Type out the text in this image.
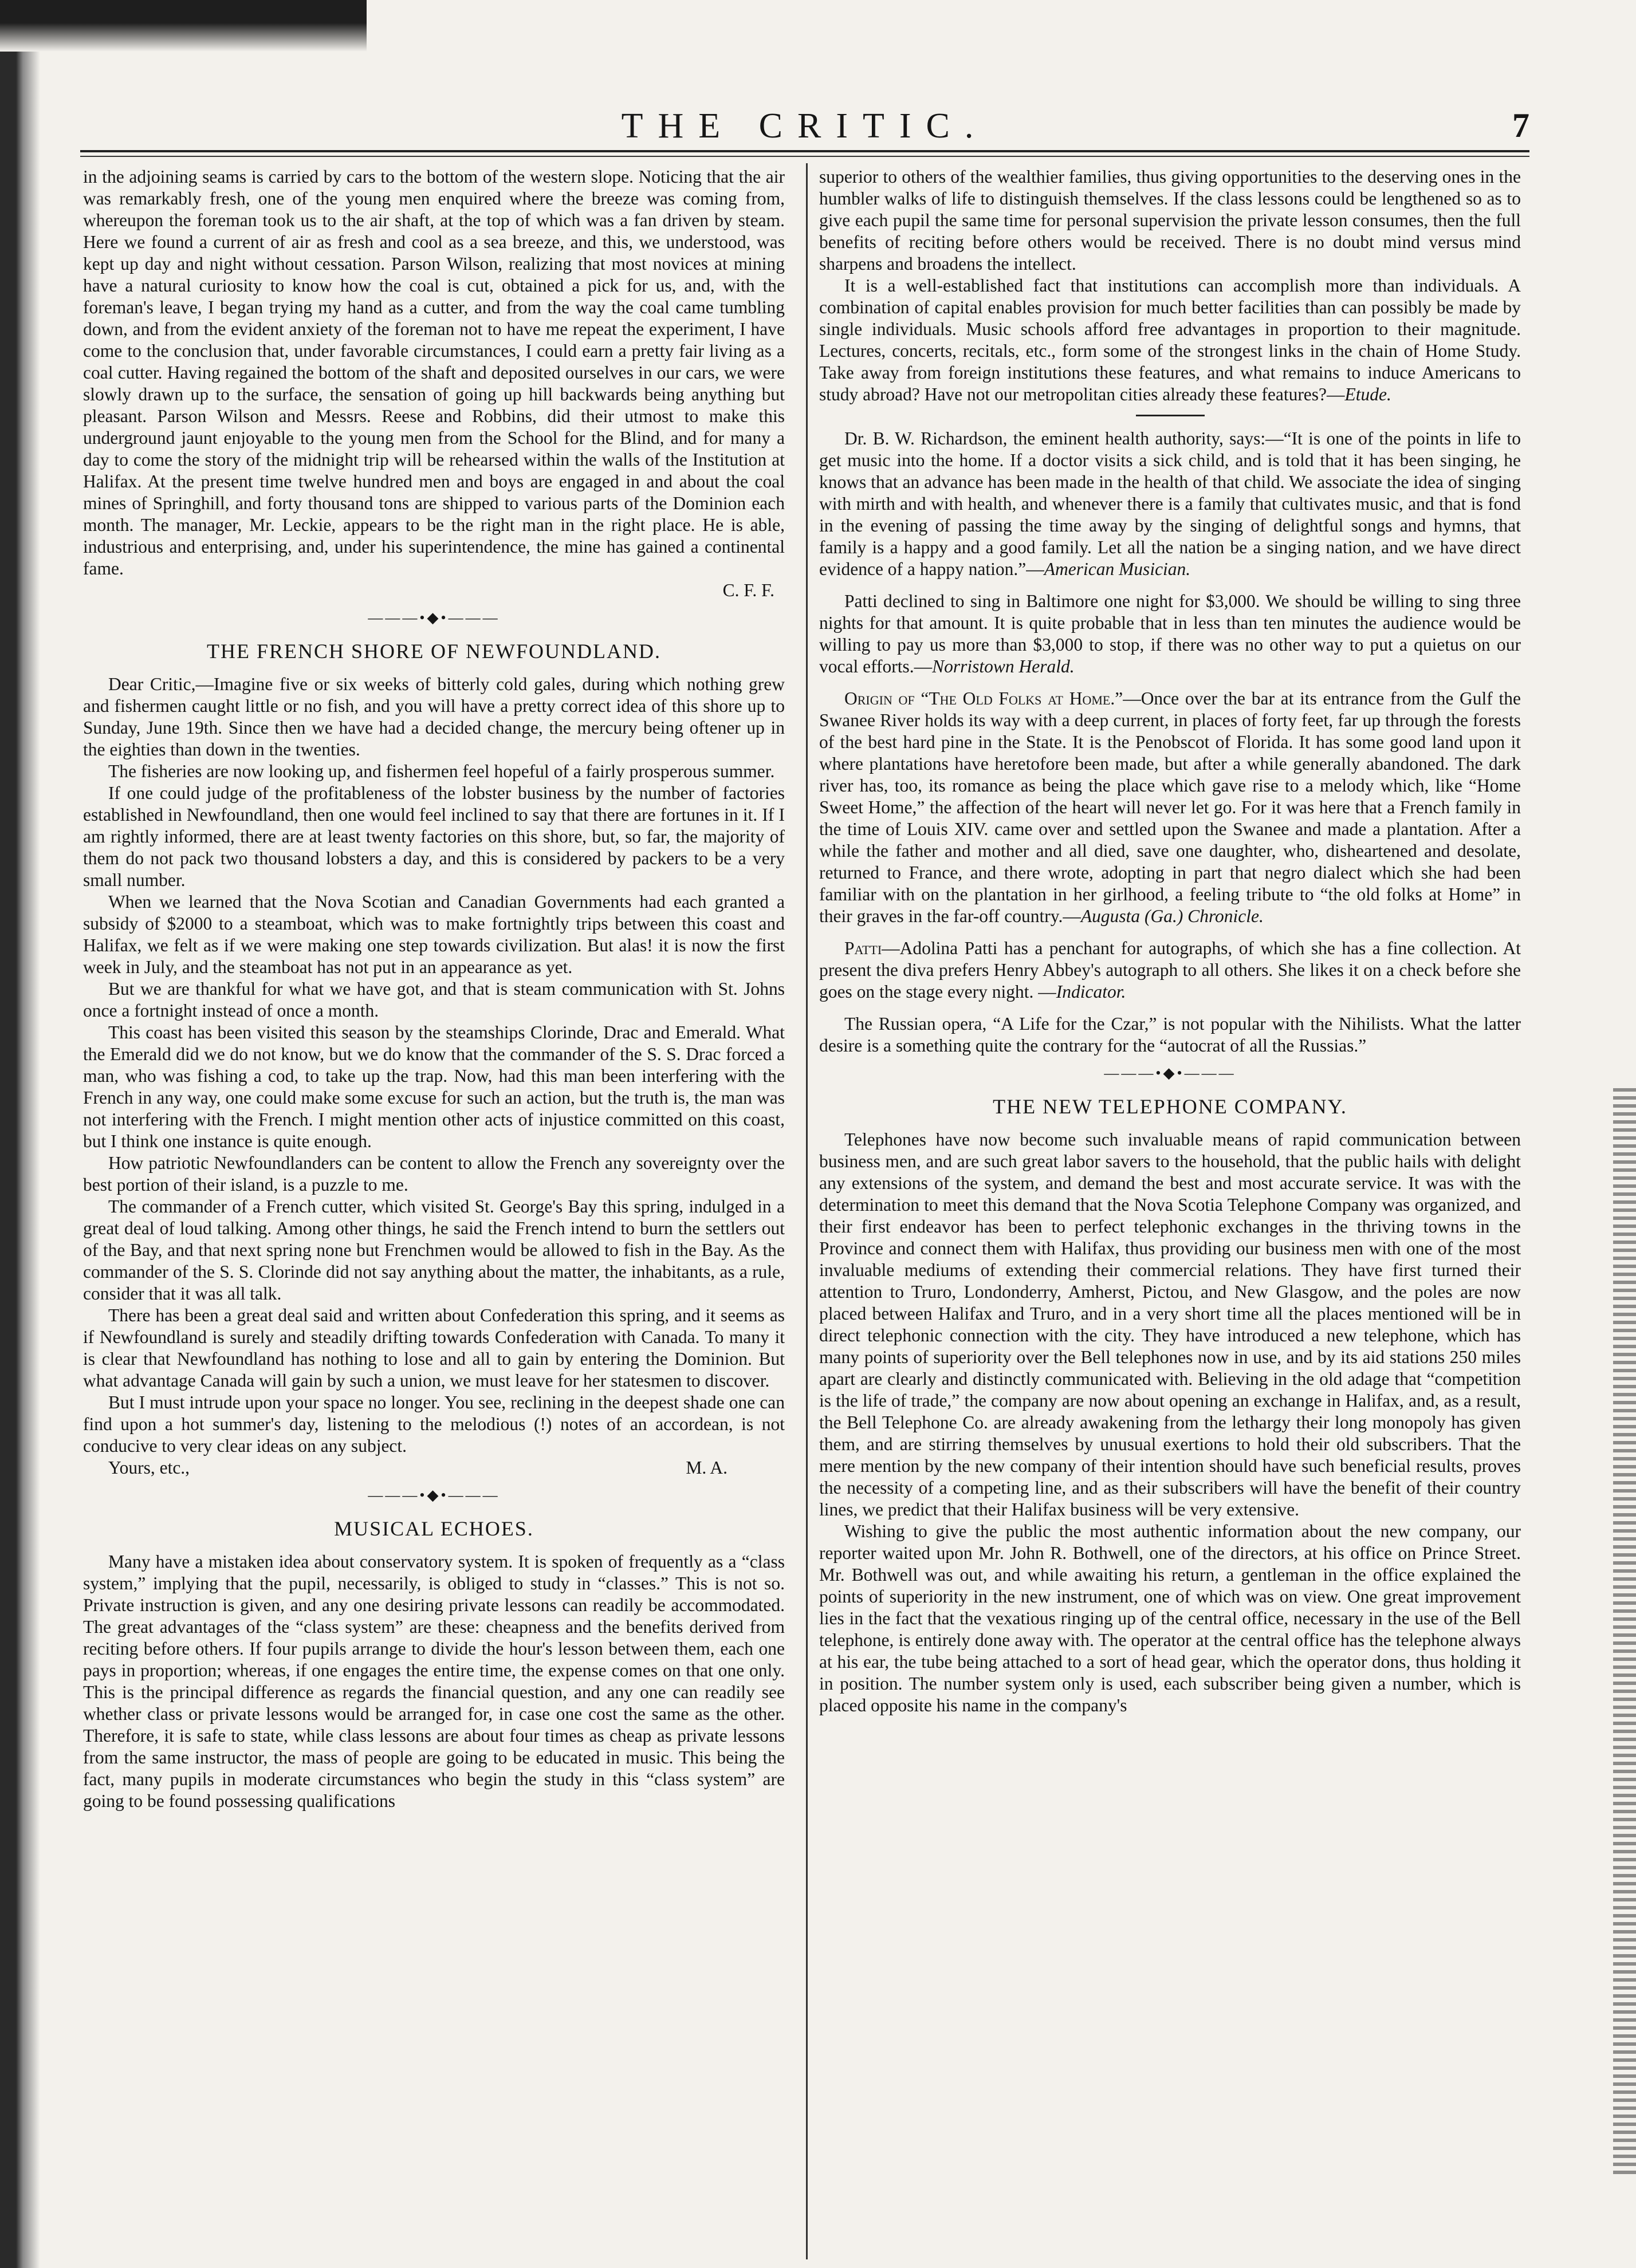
THE CRITIC.	7

in the adjoining seams is carried by cars to the bottom of the western slope. Noticing that the air was remarkably fresh, one of the young men enquired where the breeze was coming from, whereupon the foreman took us to the air shaft, at the top of which was a fan driven by steam. Here we found a current of air as fresh and cool as a sea breeze, and this, we understood, was kept up day and night without cessation. Parson Wilson, realizing that most novices at mining have a natural curiosity to know how the coal is cut, obtained a pick for us, and, with the foreman's leave, I began trying my hand as a cutter, and from the way the coal came tumbling down, and from the evident anxiety of the foreman not to have me repeat the experiment, I have come to the conclusion that, under favorable circumstances, I could earn a pretty fair living as a coal cutter. Having regained the bottom of the shaft and deposited ourselves in our cars, we were slowly drawn up to the surface, the sensation of going up hill backwards being anything but pleasant. Parson Wilson and Messrs. Reese and Robbins, did their utmost to make this underground jaunt enjoyable to the young men from the School for the Blind, and for many a day to come the story of the midnight trip will be rehearsed within the walls of the Institution at Halifax. At the present time twelve hundred men and boys are engaged in and about the coal mines of Springhill, and forty thousand tons are shipped to various parts of the Dominion each month. The manager, Mr. Leckie, appears to be the right man in the right place. He is able, industrious and enterprising, and, under his superintendence, the mine has gained a continental fame.

C. F. F.
———•◆•———
THE FRENCH SHORE OF NEWFOUNDLAND.

Dear Critic,—Imagine five or six weeks of bitterly cold gales, during which nothing grew and fishermen caught little or no fish, and you will have a pretty correct idea of this shore up to Sunday, June 19th. Since then we have had a decided change, the mercury being oftener up in the eighties than down in the twenties.

The fisheries are now looking up, and fishermen feel hopeful of a fairly prosperous summer.

If one could judge of the profitableness of the lobster business by the number of factories established in Newfoundland, then one would feel inclined to say that there are fortunes in it. If I am rightly informed, there are at least twenty factories on this shore, but, so far, the majority of them do not pack two thousand lobsters a day, and this is considered by packers to be a very small number.

When we learned that the Nova Scotian and Canadian Governments had each granted a subsidy of $2000 to a steamboat, which was to make fortnightly trips between this coast and Halifax, we felt as if we were making one step towards civilization. But alas! it is now the first week in July, and the steamboat has not put in an appearance as yet.

But we are thankful for what we have got, and that is steam communication with St. Johns once a fortnight instead of once a month.

This coast has been visited this season by the steamships Clorinde, Drac and Emerald. What the Emerald did we do not know, but we do know that the commander of the S. S. Drac forced a man, who was fishing a cod, to take up the trap. Now, had this man been interfering with the French in any way, one could make some excuse for such an action, but the truth is, the man was not interfering with the French. I might mention other acts of injustice committed on this coast, but I think one instance is quite enough.

How patriotic Newfoundlanders can be content to allow the French any sovereignty over the best portion of their island, is a puzzle to me.

The commander of a French cutter, which visited St. George's Bay this spring, indulged in a great deal of loud talking. Among other things, he said the French intend to burn the settlers out of the Bay, and that next spring none but Frenchmen would be allowed to fish in the Bay. As the commander of the S. S. Clorinde did not say anything about the matter, the inhabitants, as a rule, consider that it was all talk.

There has been a great deal said and written about Confederation this spring, and it seems as if Newfoundland is surely and steadily drifting towards Confederation with Canada. To many it is clear that Newfoundland has nothing to lose and all to gain by entering the Dominion. But what advantage Canada will gain by such a union, we must leave for her statesmen to discover.

But I must intrude upon your space no longer. You see, reclining in the deepest shade one can find upon a hot summer's day, listening to the melodious (!) notes of an accordean, is not conducive to very clear ideas on any subject.

Yours, etc.,	M. A.
———•◆•———
MUSICAL ECHOES.

Many have a mistaken idea about conservatory system. It is spoken of frequently as a “class system,” implying that the pupil, necessarily, is obliged to study in “classes.” This is not so. Private instruction is given, and any one desiring private lessons can readily be accommodated. The great advantages of the “class system” are these: cheapness and the benefits derived from reciting before others. If four pupils arrange to divide the hour's lesson between them, each one pays in proportion; whereas, if one engages the entire time, the expense comes on that one only. This is the principal difference as regards the financial question, and any one can readily see whether class or private lessons would be arranged for, in case one cost the same as the other. Therefore, it is safe to state, while class lessons are about four times as cheap as private lessons from the same instructor, the mass of people are going to be educated in music. This being the fact, many pupils in moderate circumstances who begin the study in this “class system” are going to be found possessing qualifications

superior to others of the wealthier families, thus giving opportunities to the deserving ones in the humbler walks of life to distinguish themselves. If the class lessons could be lengthened so as to give each pupil the same time for personal supervision the private lesson consumes, then the full benefits of reciting before others would be received. There is no doubt mind versus mind sharpens and broadens the intellect.

It is a well-established fact that institutions can accomplish more than individuals. A combination of capital enables provision for much better facilities than can possibly be made by single individuals. Music schools afford free advantages in proportion to their magnitude. Lectures, concerts, recitals, etc., form some of the strongest links in the chain of Home Study. Take away from foreign institutions these features, and what remains to induce Americans to study abroad? Have not our metropolitan cities already these features?—Etude.

Dr. B. W. Richardson, the eminent health authority, says:—“It is one of the points in life to get music into the home. If a doctor visits a sick child, and is told that it has been singing, he knows that an advance has been made in the health of that child. We associate the idea of singing with mirth and with health, and whenever there is a family that cultivates music, and that is fond in the evening of passing the time away by the singing of delightful songs and hymns, that family is a happy and a good family. Let all the nation be a singing nation, and we have direct evidence of a happy nation.”—American Musician.

Patti declined to sing in Baltimore one night for $3,000. We should be willing to sing three nights for that amount. It is quite probable that in less than ten minutes the audience would be willing to pay us more than $3,000 to stop, if there was no other way to put a quietus on our vocal efforts.—Norristown Herald.

Origin of “The Old Folks at Home.”—Once over the bar at its entrance from the Gulf the Swanee River holds its way with a deep current, in places of forty feet, far up through the forests of the best hard pine in the State. It is the Penobscot of Florida. It has some good land upon it where plantations have heretofore been made, but after a while generally abandoned. The dark river has, too, its romance as being the place which gave rise to a melody which, like “Home Sweet Home,” the affection of the heart will never let go. For it was here that a French family in the time of Louis XIV. came over and settled upon the Swanee and made a plantation. After a while the father and mother and all died, save one daughter, who, disheartened and desolate, returned to France, and there wrote, adopting in part that negro dialect which she had been familiar with on the plantation in her girlhood, a feeling tribute to “the old folks at Home” in their graves in the far-off country.—Augusta (Ga.) Chronicle.

Patti—Adolina Patti has a penchant for autographs, of which she has a fine collection. At present the diva prefers Henry Abbey's autograph to all others. She likes it on a check before she goes on the stage every night. —Indicator.

The Russian opera, “A Life for the Czar,” is not popular with the Nihilists. What the latter desire is a something quite the contrary for the “autocrat of all the Russias.”

———•◆•———
THE NEW TELEPHONE COMPANY.

Telephones have now become such invaluable means of rapid communication between business men, and are such great labor savers to the household, that the public hails with delight any extensions of the system, and demand the best and most accurate service. It was with the determination to meet this demand that the Nova Scotia Telephone Company was organized, and their first endeavor has been to perfect telephonic exchanges in the thriving towns in the Province and connect them with Halifax, thus providing our business men with one of the most invaluable mediums of extending their commercial relations. They have first turned their attention to Truro, Londonderry, Amherst, Pictou, and New Glasgow, and the poles are now placed between Halifax and Truro, and in a very short time all the places mentioned will be in direct telephonic connection with the city. They have introduced a new telephone, which has many points of superiority over the Bell telephones now in use, and by its aid stations 250 miles apart are clearly and distinctly communicated with. Believing in the old adage that “competition is the life of trade,” the company are now about opening an exchange in Halifax, and, as a result, the Bell Telephone Co. are already awakening from the lethargy their long monopoly has given them, and are stirring themselves by unusual exertions to hold their old subscribers. That the mere mention by the new company of their intention should have such beneficial results, proves the necessity of a competing line, and as their subscribers will have the benefit of their country lines, we predict that their Halifax business will be very extensive.

Wishing to give the public the most authentic information about the new company, our reporter waited upon Mr. John R. Bothwell, one of the directors, at his office on Prince Street. Mr. Bothwell was out, and while awaiting his return, a gentleman in the office explained the points of superiority in the new instrument, one of which was on view. One great improvement lies in the fact that the vexatious ringing up of the central office, necessary in the use of the Bell telephone, is entirely done away with. The operator at the central office has the telephone always at his ear, the tube being attached to a sort of head gear, which the operator dons, thus holding it in position. The number system only is used, each subscriber being given a number, which is placed opposite his name in the company's
